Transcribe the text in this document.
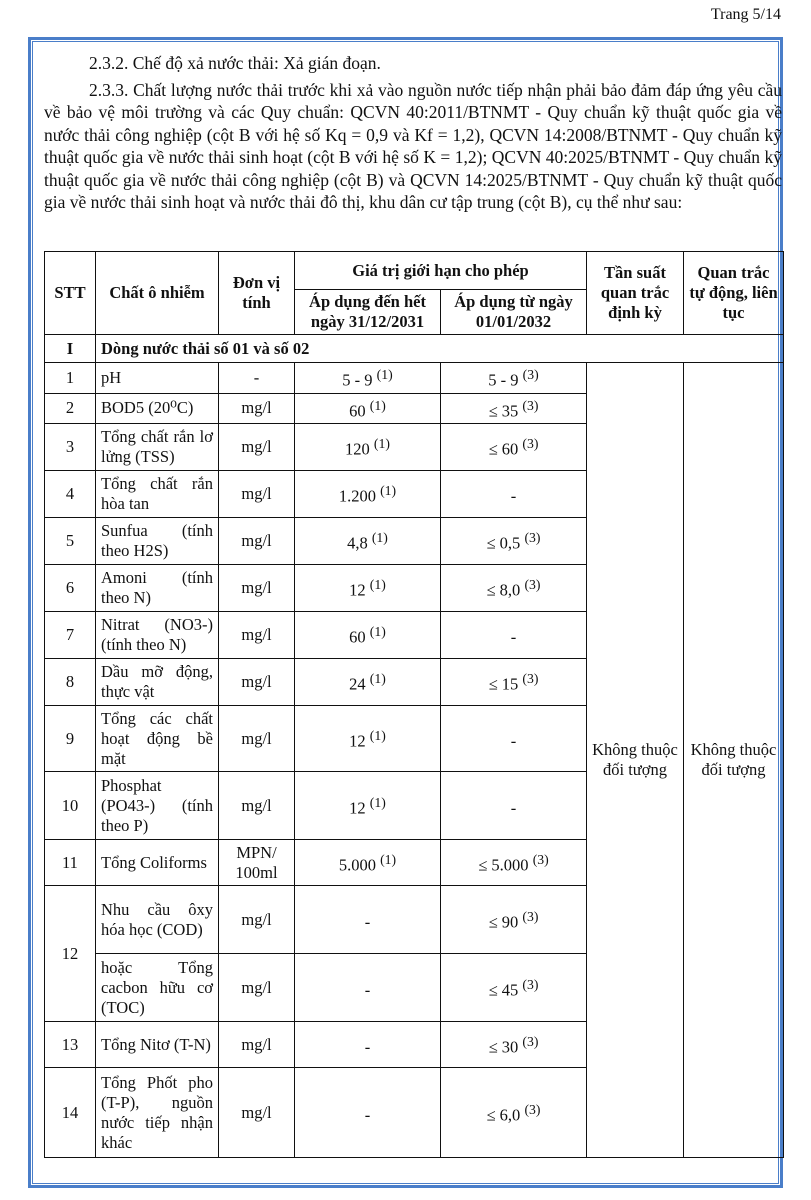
Trang 5/14

2.3.2. Chế độ xả nước thải: Xả gián đoạn.

2.3.3. Chất lượng nước thải trước khi xả vào nguồn nước tiếp nhận phải bảo đảm đáp ứng yêu cầu về bảo vệ môi trường và các Quy chuẩn: QCVN 40:2011/BTNMT - Quy chuẩn kỹ thuật quốc gia về nước thải công nghiệp (cột B với hệ số Kq = 0,9 và Kf = 1,2), QCVN 14:2008/BTNMT - Quy chuẩn kỹ thuật quốc gia về nước thải sinh hoạt (cột B với hệ số K = 1,2); QCVN 40:2025/BTNMT - Quy chuẩn kỹ thuật quốc gia về nước thải công nghiệp (cột B) và QCVN 14:2025/BTNMT - Quy chuẩn kỹ thuật quốc gia về nước thải sinh hoạt và nước thải đô thị, khu dân cư tập trung (cột B), cụ thể như sau:

STT	Chất ô nhiễm	Đơn vị tính	Giá trị giới hạn cho phép		Tần suất quan trắc định kỳ	Quan trắc tự động, liên tục
			Áp dụng đến hết ngày 31/12/2031	Áp dụng từ ngày 01/01/2032		
I	Dòng nước thải số 01 và số 02					
1	pH	-	5 - 9 $^{(1)}$	5 - 9 $^{(3)}$	Không thuộc đối tượng	Không thuộc đối tượng
2	BOD5 (20⁰C)	mg/l	60 $^{(1)}$	≤ 35 $^{(3)}$
3	Tổng chất rắn lơ lửng (TSS)	mg/l	120 $^{(1)}$	≤ 60 $^{(3)}$
4	Tổng chất rắn hòa tan	mg/l	1.200 $^{(1)}$	-		
5	Sunfua (tính theo H2S)	mg/l	4,8 $^{(1)}$	≤ 0,5 $^{(3)}$
6	Amoni (tính theo N)	mg/l	12 $^{(1)}$	≤ 8,0 $^{(3)}$
7	Nitrat (NO3-) (tính theo N)	mg/l	60 $^{(1)}$	-		
8	Dầu mỡ động, thực vật	mg/l	24 $^{(1)}$	≤ 15 $^{(3)}$
9	Tổng các chất hoạt động bề mặt	mg/l	12 $^{(1)}$	-		
10	Phosphat (PO43-) (tính theo P)	mg/l	12 $^{(1)}$	-		
11	Tổng Coliforms	MPN/ 100ml	5.000 $^{(1)}$	≤ 5.000 $^{(3)}$
12	Nhu cầu ôxy hóa học (COD)	mg/l	-	≤ 90 $^{(3)}$
	hoặc Tổng cacbon hữu cơ (TOC)	mg/l	-	≤ 45 $^{(3)}$
13	Tổng Nitơ (T-N)	mg/l	-	≤ 30 $^{(3)}$
14	Tổng Phốt pho (T-P), nguồn nước tiếp nhận khác	mg/l	-	≤ 6,0 $^{(3)}$
